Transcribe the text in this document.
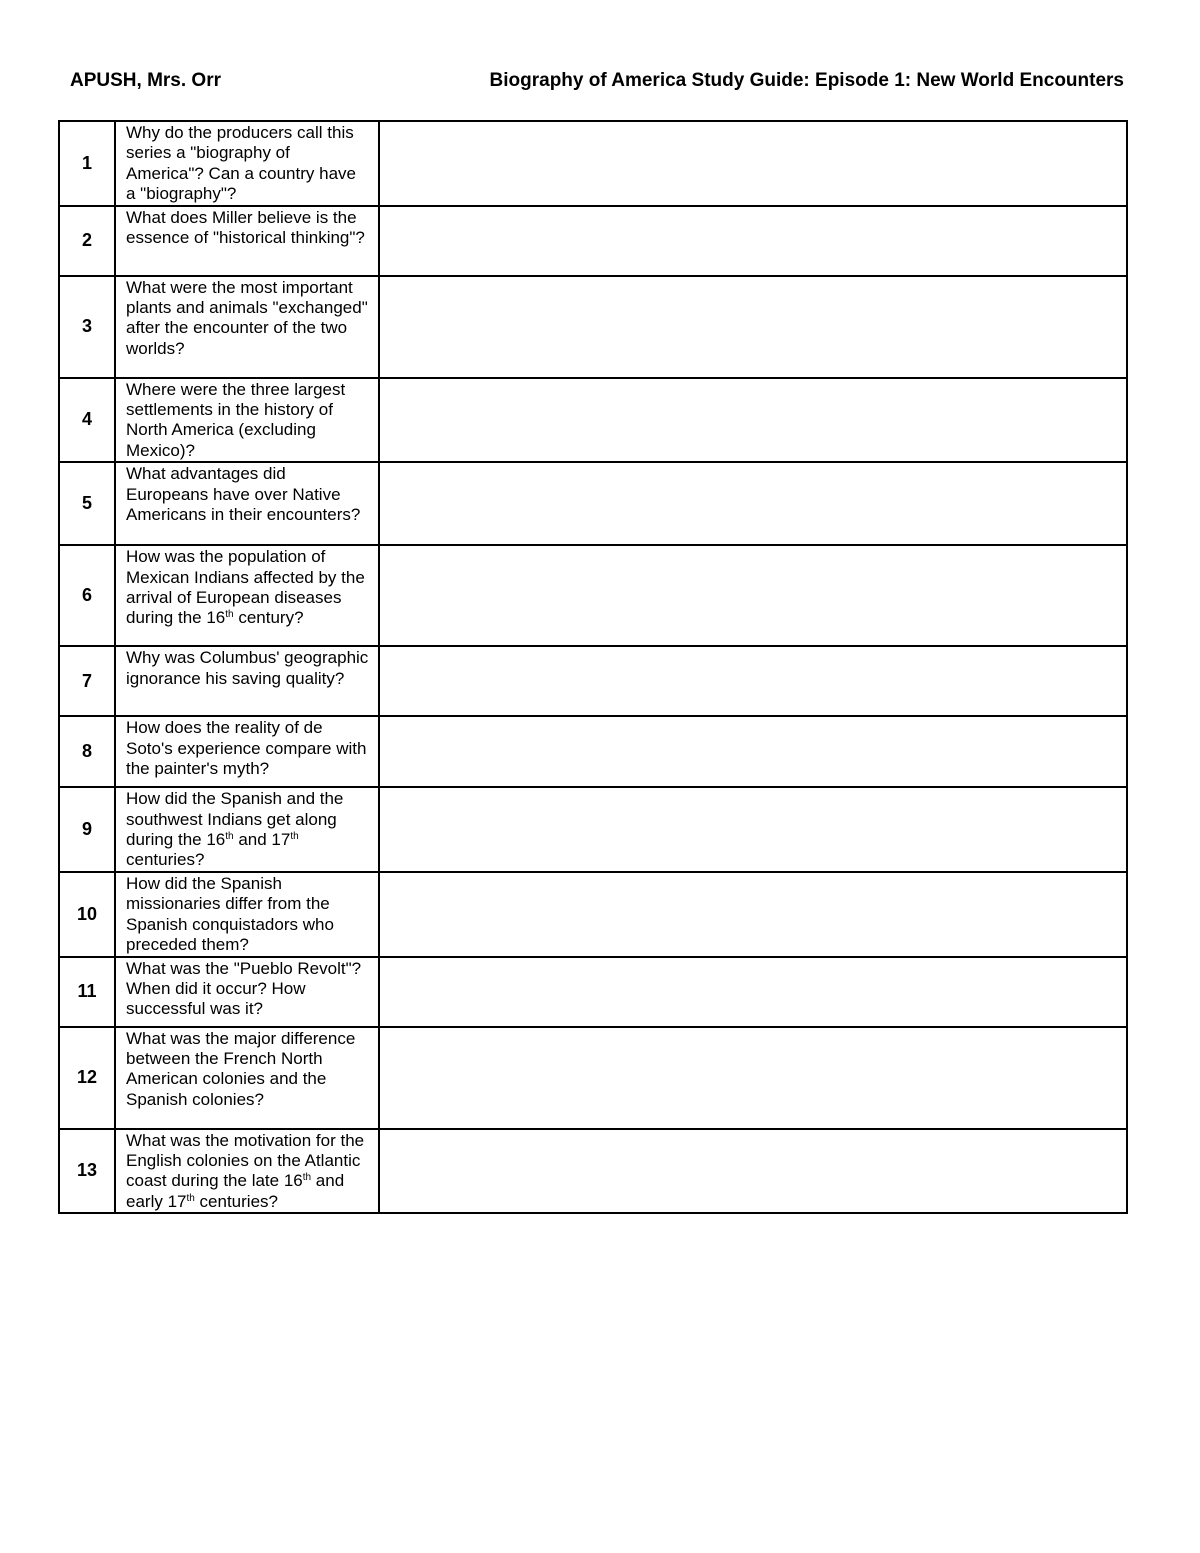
APUSH, Mrs. Orr	Biography of America Study Guide: Episode 1: New World Encounters
1	Why do the producers call this series a "biography of America"? Can a country have a "biography"?	
2	What does Miller believe is the essence of "historical thinking"?	
3	What were the most important plants and animals "exchanged" after the encounter of the two worlds?	
4	Where were the three largest settlements in the history of North America (excluding Mexico)?	
5	What advantages did Europeans have over Native Americans in their encounters?	
6	How was the population of Mexican Indians affected by the arrival of European diseases during the 16th century?	
7	Why was Columbus' geographic ignorance his saving quality?	
8	How does the reality of de Soto's experience compare with the painter's myth?	
9	How did the Spanish and the southwest Indians get along during the 16th and 17th centuries?	
10	How did the Spanish missionaries differ from the Spanish conquistadors who preceded them?	
11	What was the "Pueblo Revolt"? When did it occur? How successful was it?	
12	What was the major difference between the French North American colonies and the Spanish colonies?	
13	What was the motivation for the English colonies on the Atlantic coast during the late 16th and early 17th centuries?	
